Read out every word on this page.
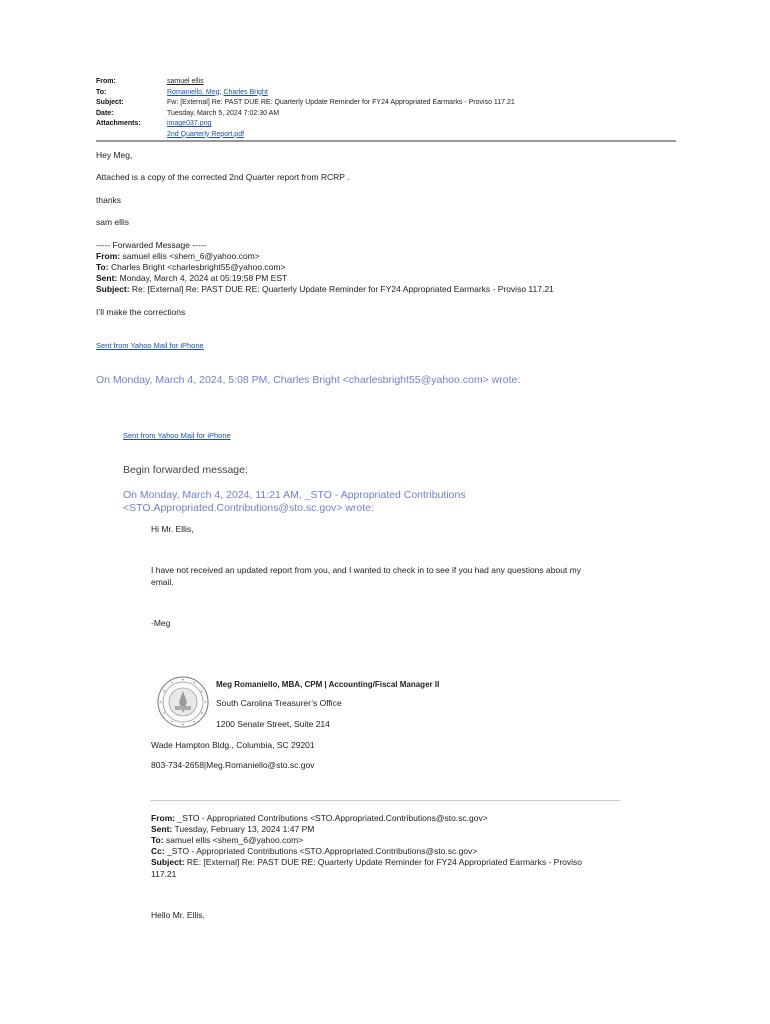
From:	samuel ellis
To:	Romaniello, Meg; Charles Bright
Subject:	Fw: [External] Re: PAST DUE RE: Quarterly Update Reminder for FY24 Appropriated Earmarks - Proviso 117.21
Date:	Tuesday, March 5, 2024 7:02:30 AM
Attachments:	image037.png
2nd Quarterly Report.pdf
Hey Meg,
Attached is a copy of the corrected 2nd Quarter report from RCRP .
thanks
sam ellis
----- Forwarded Message -----
From: samuel ellis <shem_6@yahoo.com>
To: Charles Bright <charlesbright55@yahoo.com>
Sent: Monday, March 4, 2024 at 05:19:58 PM EST
Subject: Re: [External] Re: PAST DUE RE: Quarterly Update Reminder for FY24 Appropriated Earmarks - Proviso 117.21
I’ll make the corrections
Sent from Yahoo Mail for iPhone
On Monday, March 4, 2024, 5:08 PM, Charles Bright <charlesbright55@yahoo.com> wrote:
Sent from Yahoo Mail for iPhone
Begin forwarded message:
On Monday, March 4, 2024, 11:21 AM, _STO - Appropriated Contributions
<STO.Appropriated.Contributions@sto.sc.gov> wrote:
Hi Mr. Ellis,
I have not received an updated report from you, and I wanted to check in to see if you had any questions about my
email.
-Meg
Meg Romaniello, MBA, CPM | Accounting/Fiscal Manager II
South Carolina Treasurer’s Office
1200 Senate Street, Suite 214
Wade Hampton Bldg., Columbia, SC 29201
803-734-2658|Meg.Romaniello@sto.sc.gov
From: _STO - Appropriated Contributions <STO.Appropriated.Contributions@sto.sc.gov>
Sent: Tuesday, February 13, 2024 1:47 PM
To: samuel ellis <shem_6@yahoo.com>
Cc: _STO - Appropriated Contributions <STO.Appropriated.Contributions@sto.sc.gov>
Subject: RE: [External] Re: PAST DUE RE: Quarterly Update Reminder for FY24 Appropriated Earmarks - Proviso
117.21
Hello Mr. Ellis,
